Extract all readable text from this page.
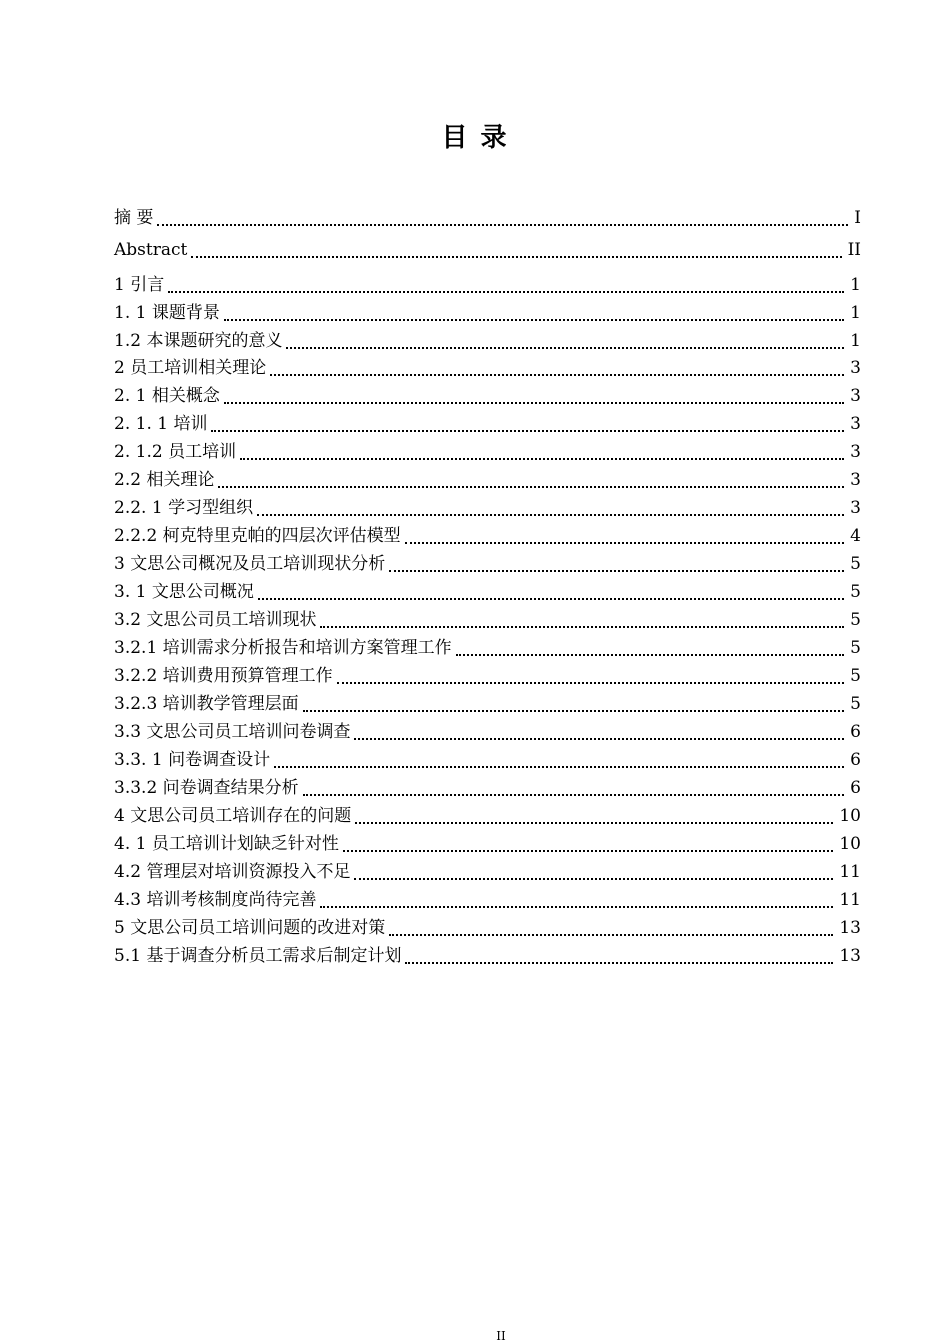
目 录
摘 要	I
Abstract	II
1 引言	1
1. 1 课题背景	1
1.2 本课题研究的意义	1
2 员工培训相关理论	3
2. 1 相关概念	3
2. 1. 1 培训	3
2. 1.2 员工培训	3
2.2 相关理论	3
2.2. 1 学习型组织	3
2.2.2 柯克特里克帕的四层次评估模型	4
3 文思公司概况及员工培训现状分析	5
3. 1 文思公司概况	5
3.2 文思公司员工培训现状	5
3.2.1 培训需求分析报告和培训方案管理工作	5
3.2.2 培训费用预算管理工作	5
3.2.3 培训教学管理层面	5
3.3 文思公司员工培训问卷调查	6
3.3. 1 问卷调查设计	6
3.3.2 问卷调查结果分析	6
4 文思公司员工培训存在的问题	10
4. 1 员工培训计划缺乏针对性	10
4.2 管理层对培训资源投入不足	11
4.3 培训考核制度尚待完善	11
5 文思公司员工培训问题的改进对策	13
5.1 基于调查分析员工需求后制定计划	13
II
